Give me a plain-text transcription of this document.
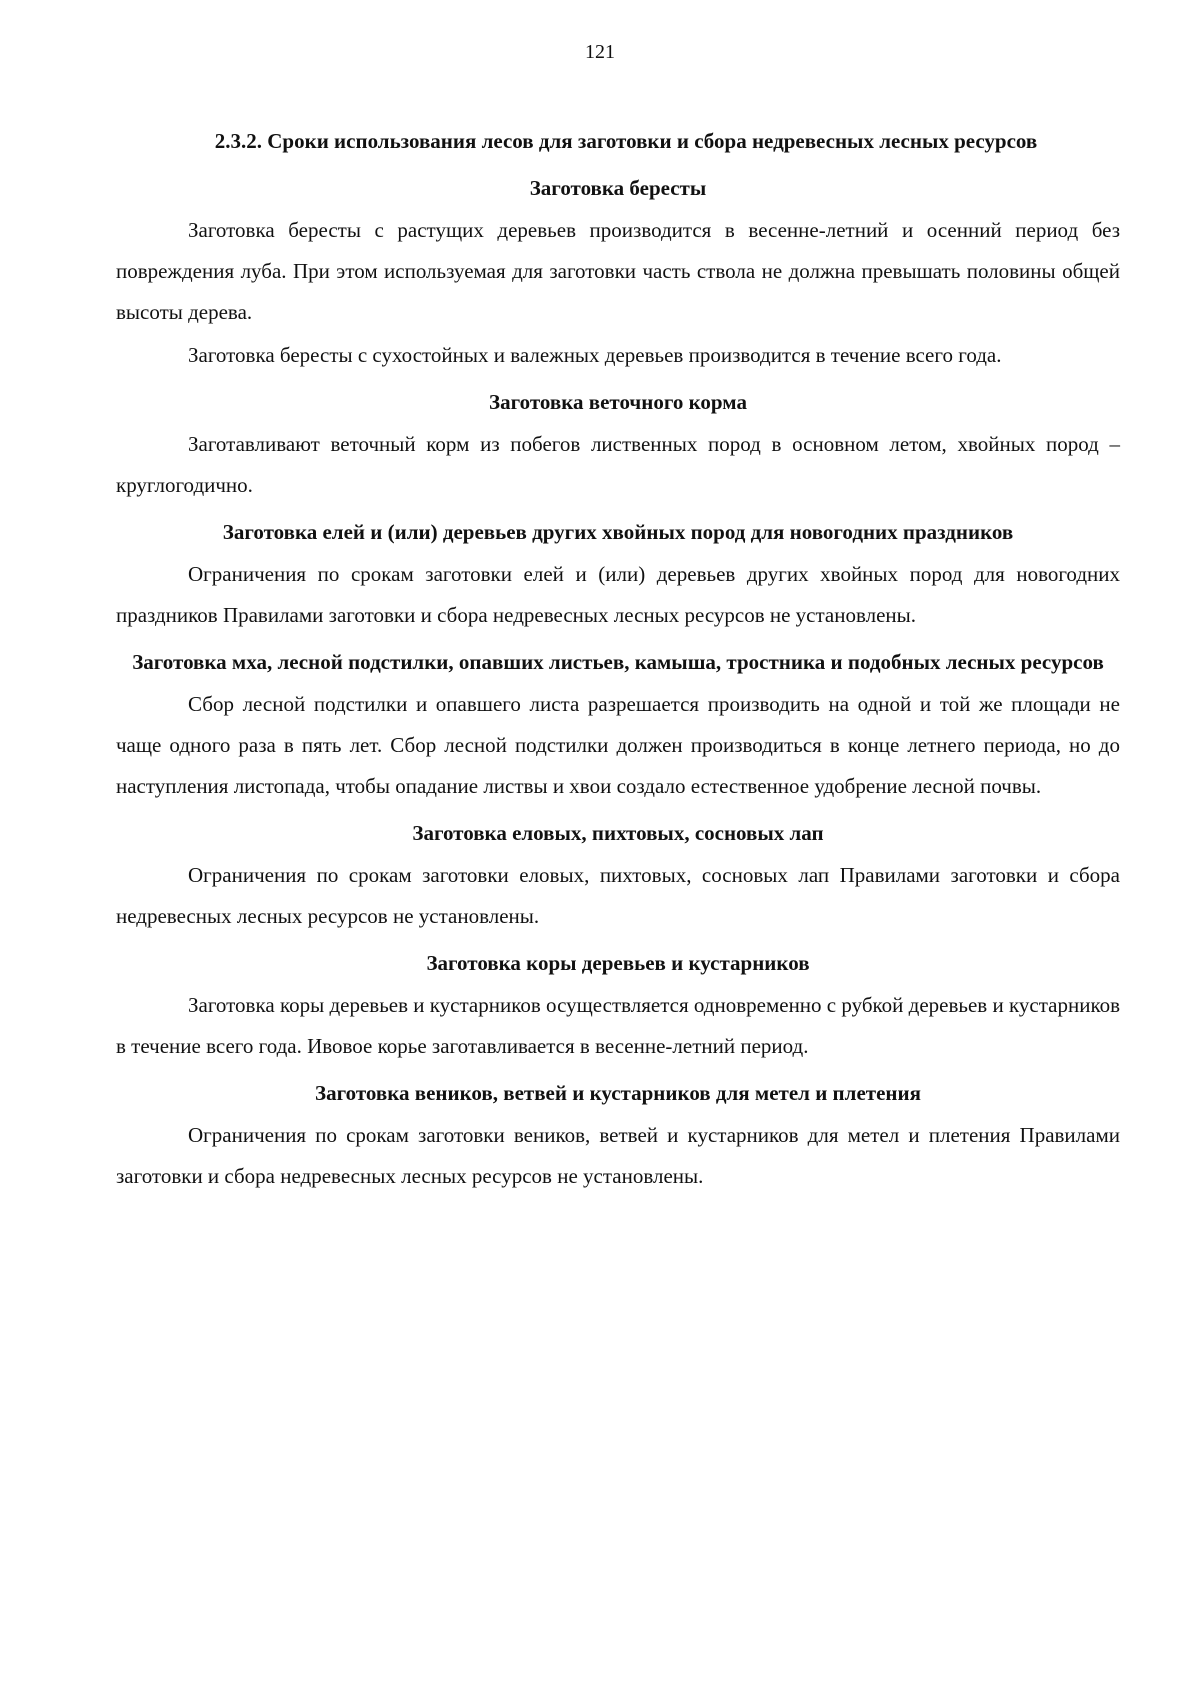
121
2.3.2. Сроки использования лесов для заготовки и сбора недревесных лесных ресурсов
Заготовка бересты

Заготовка бересты с растущих деревьев производится в весенне-летний и осенний период без повреждения луба. При этом используемая для заготовки часть ствола не должна превышать половины общей высоты дерева.

Заготовка бересты с сухостойных и валежных деревьев производится в течение всего года.

Заготовка веточного корма

Заготавливают веточный корм из побегов лиственных пород в основном летом, хвойных пород – круглогодично.

Заготовка елей и (или) деревьев других хвойных пород для новогодних праздников

Ограничения по срокам заготовки елей и (или) деревьев других хвойных пород для новогодних праздников Правилами заготовки и сбора недревесных лесных ресурсов не установлены.

Заготовка мха, лесной подстилки, опавших листьев, камыша, тростника и подобных лесных ресурсов

Сбор лесной подстилки и опавшего листа разрешается производить на одной и той же площади не чаще одного раза в пять лет. Сбор лесной подстилки должен производиться в конце летнего периода, но до наступления листопада, чтобы опадание листвы и хвои создало естественное удобрение лесной почвы.

Заготовка еловых, пихтовых, сосновых лап

Ограничения по срокам заготовки еловых, пихтовых, сосновых лап Правилами заготовки и сбора недревесных лесных ресурсов не установлены.

Заготовка коры деревьев и кустарников

Заготовка коры деревьев и кустарников осуществляется одновременно с рубкой деревьев и кустарников в течение всего года. Ивовое корье заготавливается в весенне-летний период.

Заготовка веников, ветвей и кустарников для метел и плетения

Ограничения по срокам заготовки веников, ветвей и кустарников для метел и плетения Правилами заготовки и сбора недревесных лесных ресурсов не установлены.
